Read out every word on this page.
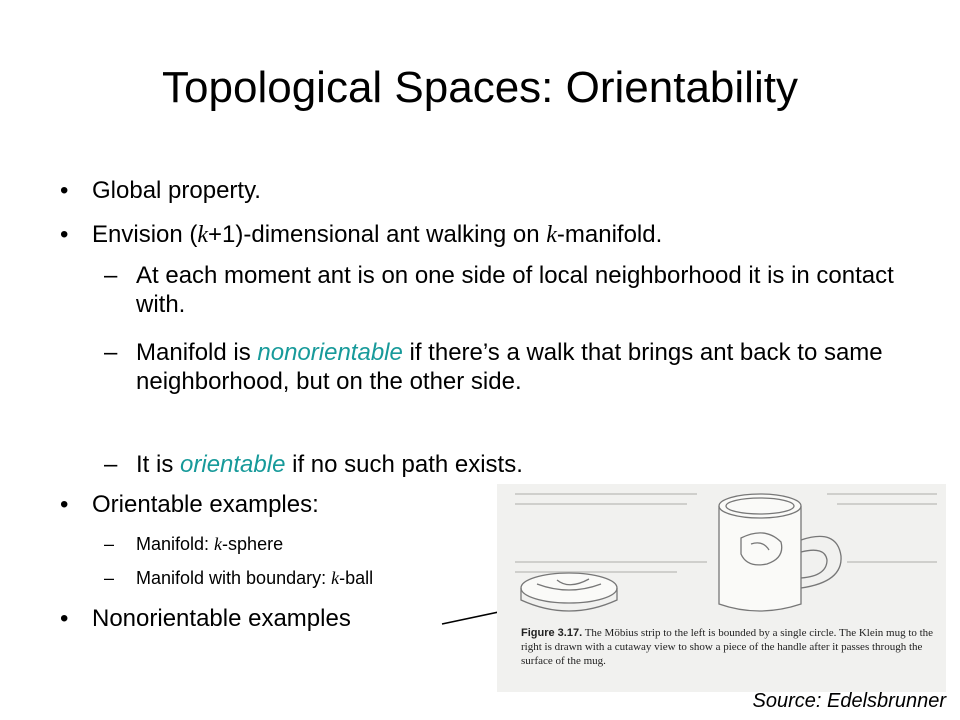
Topological Spaces: Orientability
• Global property.
• Envision (k+1)-dimensional ant walking on k-manifold.
– At each moment ant is on one side of local neighborhood it is in contact with.
– Manifold is nonorientable if there’s a walk that brings ant back to same neighborhood, but on the other side.
– It is orientable if no such path exists.
• Orientable examples:
–	Manifold: k-sphere
–	Manifold with boundary: k-ball
• Nonorientable examples
Figure 3.17. The Möbius strip to the left is bounded by a single circle. The Klein mug to the right is drawn with a cutaway view to show a piece of the handle after it passes through the surface of the mug.
Source: Edelsbrunner
